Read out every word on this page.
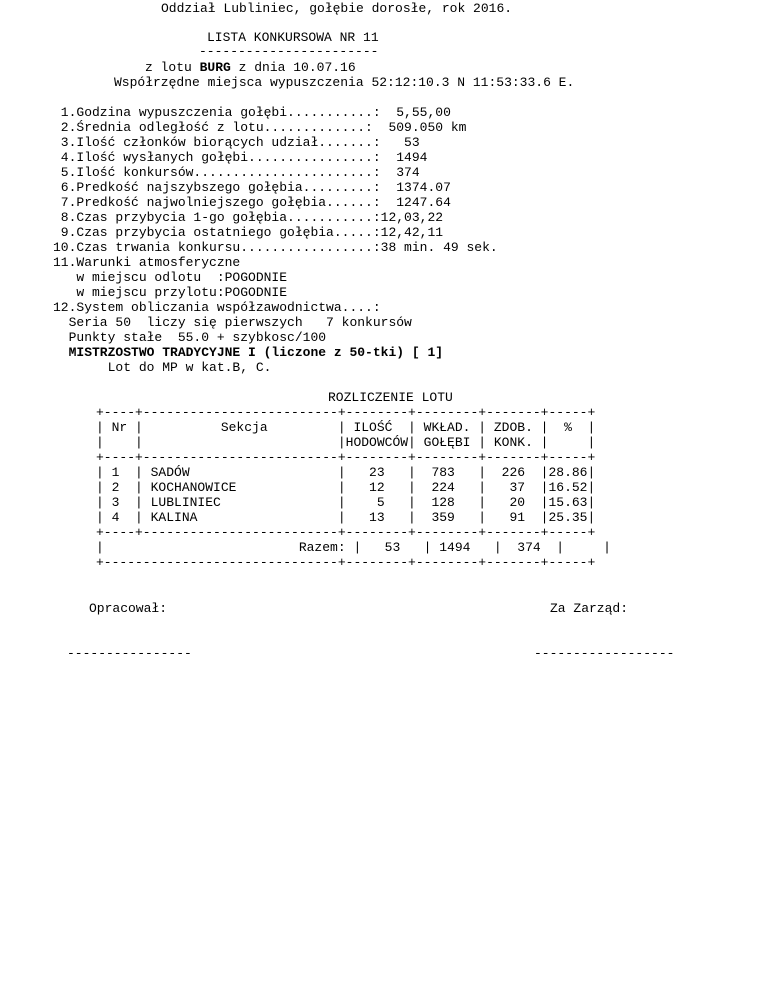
Oddział Lubliniec, gołębie dorosłe, rok 2016.
LISTA KONKURSOWA NR 11
-----------------------
z lotu BURG z dnia 10.07.16
Współrzędne miejsca wypuszczenia 52:12:10.3 N 11:53:33.6 E.
1.Godzina wypuszczenia gołębi...........:  5,55,00
2.Średnia odległość z lotu.............:  509.050 km
3.Ilość członków biorących udział.......:   53
4.Ilość wysłanych gołębi................:  1494
5.Ilość konkursów.......................:  374
6.Predkość najszybszego gołębia.........:  1374.07
7.Predkość najwolniejszego gołębia......:  1247.64
8.Czas przybycia 1-go gołębia...........:12,03,22
9.Czas przybycia ostatniego gołębia.....:12,42,11
10.Czas trwania konkursu.................:38 min. 49 sek.
11.Warunki atmosferyczne
w miejscu odlotu  :POGODNIE
w miejscu przylotu:POGODNIE
12.System obliczania współzawodnictwa....:
Seria 50  liczy się pierwszych   7 konkursów
Punkty stałe  55.0 + szybkosc/100
MISTRZOSTWO TRADYCYJNE I (liczone z 50-tki) [ 1]
Lot do MP w kat.B, C.
ROZLICZENIE LOTU
+----+-------------------------+--------+--------+-------+-----+
| Nr |          Sekcja         | ILOŚĆ  | WKŁAD. | ZDOB. |  %  |
|    |                         |HODOWCÓW| GOŁĘBI | KONK. |     |
+----+-------------------------+--------+--------+-------+-----+
| 1  | SADÓW                   |   23   |  783   |  226  |28.86|
| 2  | KOCHANOWICE             |   12   |  224   |   37  |16.52|
| 3  | LUBLINIEC               |    5   |  128   |   20  |15.63|
| 4  | KALINA                  |   13   |  359   |   91  |25.35|
+----+-------------------------+--------+--------+-------+-----+
|                         Razem: |   53   | 1494   |  374  |     |
+------------------------------+--------+--------+-------+-----+
Opracował:	Za Zarząd:
----------------	------------------
